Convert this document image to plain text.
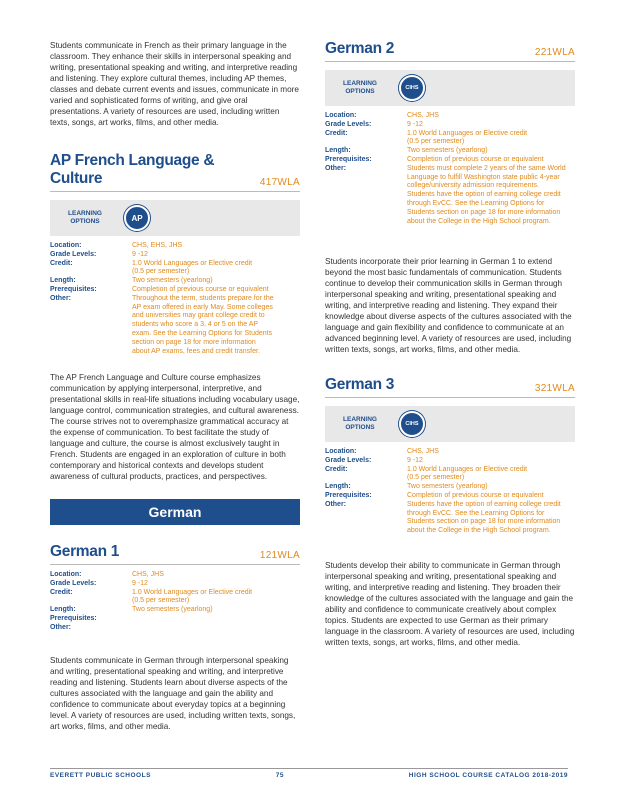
Students communicate in French as their primary language in the classroom. They enhance their skills in interpersonal speaking and writing, presentational speaking and writing, and interpretive reading and listening. They explore cultural themes, including AP themes, classes and debate current events and issues, communicate in more varied and sophisticated forms of writing, and give oral presentations. A variety of resources are used, including written texts, songs, art works, films, and other media.

AP French Language & Culture	417WLA
LEARNING OPTIONS	AP
Location:	CHS, EHS, JHS
Grade Levels:	9 -12
Credit:	1.0 World Languages or Elective credit
(0.5 per semester)
Length:	Two semesters (yearlong)
Prerequisites:	Completion of previous course or equivalent
Other:	Throughout the term, students prepare for the
AP exam offered in early May. Some colleges
and universities may grant college credit to
students who score a 3, 4 or 5 on the AP
exam. See the Learning Options for Students
section on page 18 for more information
about AP exams, fees and credit transfer.

The AP French Language and Culture course emphasizes communication by applying interpersonal, interpretive, and presentational skills in real-life situations including vocabulary usage, language control, communication strategies, and cultural awareness. The course strives not to overemphasize grammatical accuracy at the expense of communication. To best facilitate the study of language and culture, the course is almost exclusively taught in French. Students are engaged in an exploration of culture in both contemporary and historical contexts and develops student awareness of cultural products, practices, and perspectives.

German 1	121WLA
Location:	CHS, JHS
Grade Levels:	9 -12
Credit:	1.0 World Languages or Elective credit
(0.5 per semester)
Length:	Two semesters (yearlong)
Prerequisites:

Other:

Students communicate in German through interpersonal speaking and writing, presentational speaking and writing, and interpretive reading and listening. Students learn about diverse aspects of the cultures associated with the language and gain the ability and confidence to communicate about everyday topics at a beginning level. A variety of resources are used, including written texts, songs, art works, films, and other media.

German
German 2	221WLA
LEARNING OPTIONS	CIHS
Location:	CHS, JHS
Grade Levels:	9 -12
Credit:	1.0 World Languages or Elective credit
(0.5 per semester)
Length:	Two semesters (yearlong)
Prerequisites:	Completion of previous course or equivalent
Other:	Students must complete 2 years of the same World
Language to fulfill Washington state public 4-year
college/university admission requirements.
Students have the option of earning college credit
through EvCC. See the Learning Options for
Students section on page 18 for more information
about the College in the High School program.

Students incorporate their prior learning in German 1 to extend beyond the most basic fundamentals of communication. Students continue to develop their communication skills in German through interpersonal speaking and writing, presentational speaking and writing, and interpretive reading and listening. They expand their knowledge about diverse aspects of the cultures associated with the language and gain flexibility and confidence to communicate at an advanced beginning level. A variety of resources are used, including written texts, songs, art works, films, and other media.

German 3	321WLA
LEARNING OPTIONS	CIHS
Location:	CHS, JHS
Grade Levels:	9 -12
Credit:	1.0 World Languages or Elective credit
(0.5 per semester)
Length:	Two semesters (yearlong)
Prerequisites:	Completion of previous course or equivalent
Other:	Students have the option of earning college credit
through EvCC. See the Learning Options for
Students section on page 18 for more information
about the College in the High School program.

Students develop their ability to communicate in German through interpersonal speaking and writing, presentational speaking and writing, and interpretive reading and listening. They broaden their knowledge of the cultures associated with the language and gain the ability and confidence to communicate creatively about complex topics. Students are expected to use German as their primary language in the classroom. A variety of resources are used, including written texts, songs, art works, films, and other media.

EVERETT PUBLIC SCHOOLS	75	HIGH SCHOOL COURSE CATALOG 2018-2019
